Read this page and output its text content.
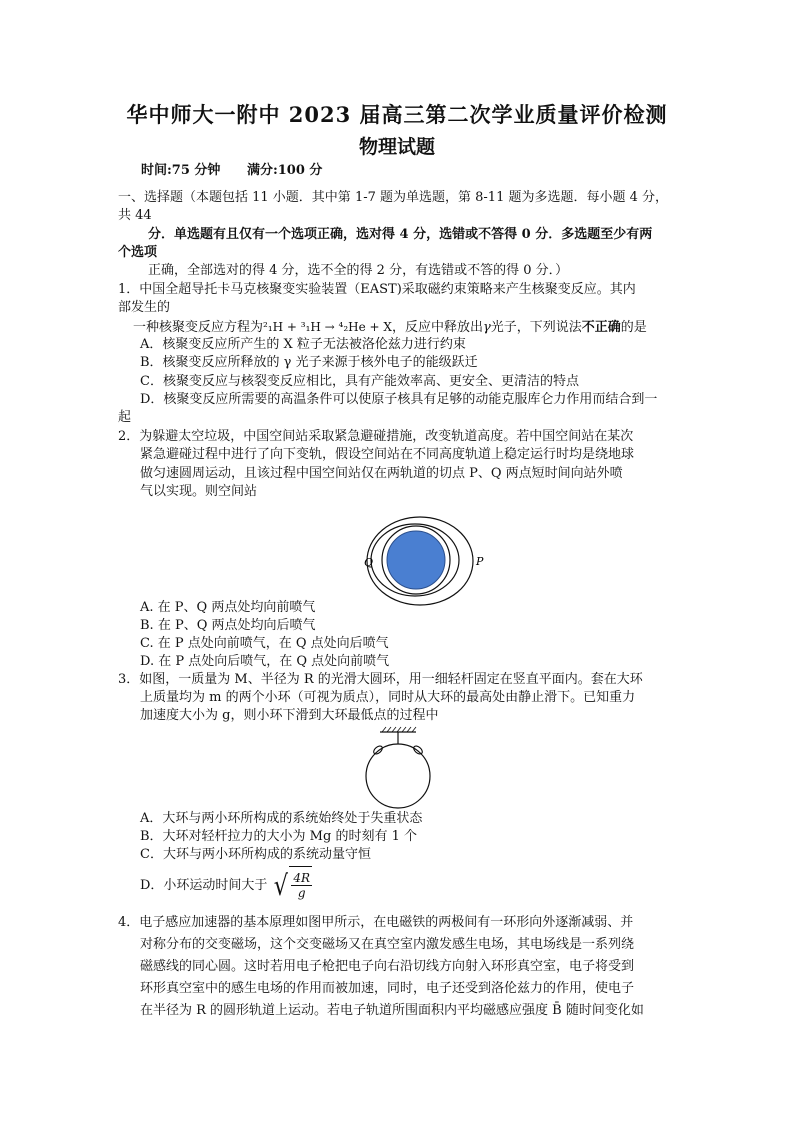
华中师大一附中 2023 届高三第二次学业质量评价检测
物理试题
时间:75 分钟 满分:100 分
一、选择题（本题包括 11 小题．其中第 1-7 题为单选题，第 8-11 题为多选题．每小题 4 分，
共 44
分．单选题有且仅有一个选项正确，选对得 4 分，选错或不答得 0 分．多选题至少有两
个选项
正确，全部选对的得 4 分，选不全的得 2 分，有选错或不答的得 0 分．）
1．中国全超导托卡马克核聚变实验装置（EAST)采取磁约束策略来产生核聚变反应。其内
部发生的
一种核聚变反应方程为²₁H + ³₁H → ⁴₂He + X，反应中释放出γ光子，下列说法不正确的是
A．核聚变反应所产生的 X 粒子无法被洛伦兹力进行约束
B．核聚变反应所释放的 γ 光子来源于核外电子的能级跃迁
C．核聚变反应与核裂变反应相比，具有产能效率高、更安全、更清洁的特点
D．核聚变反应所需要的高温条件可以使原子核具有足够的动能克服库仑力作用而结合到一
起
2．为躲避太空垃圾，中国空间站采取紧急避碰措施，改变轨道高度。若中国空间站在某次
紧急避碰过程中进行了向下变轨，假设空间站在不同高度轨道上稳定运行时均是绕地球
做匀速圆周运动，且该过程中国空间站仅在两轨道的切点 P、Q 两点短时间向站外喷
气以实现。则空间站
P
Q
A. 在 P、Q 两点处均向前喷气
B. 在 P、Q 两点处均向后喷气
C. 在 P 点处向前喷气，在 Q 点处向后喷气
D. 在 P 点处向后喷气，在 Q 点处向前喷气
3．如图，一质量为 M、半径为 R 的光滑大圆环，用一细轻杆固定在竖直平面内。套在大环
上质量均为 m 的两个小环（可视为质点），同时从大环的最高处由静止滑下。已知重力
加速度大小为 g，则小环下滑到大环最低点的过程中
A．大环与两小环所构成的系统始终处于失重状态
B．大环对轻杆拉力的大小为 Mg 的时刻有 1 个
C．大环与两小环所构成的系统动量守恒
D．小环运动时间大于 √ $\frac{4R}{g}$
4．电子感应加速器的基本原理如图甲所示，在电磁铁的两极间有一环形向外逐渐减弱、并
对称分布的交变磁场，这个交变磁场又在真空室内激发感生电场，其电场线是一系列绕
磁感线的同心圆。这时若用电子枪把电子向右沿切线方向射入环形真空室，电子将受到
环形真空室中的感生电场的作用而被加速，同时，电子还受到洛伦兹力的作用，使电子
在半径为 R 的圆形轨道上运动。若电子轨道所围面积内平均磁感应强度 B̄ 随时间变化如
